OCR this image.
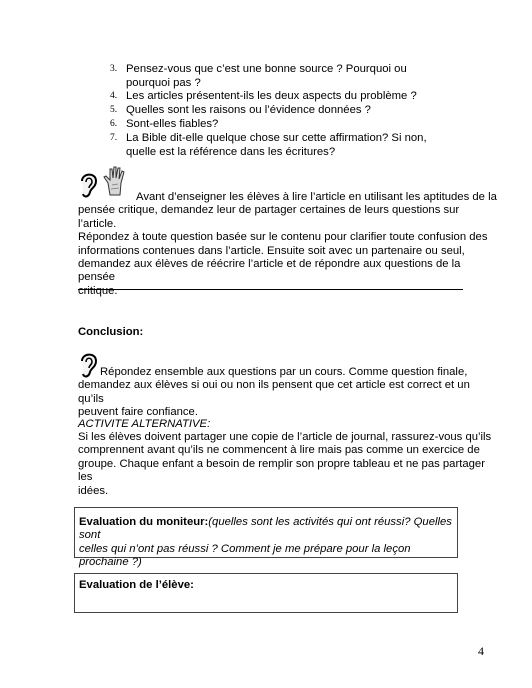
3. Pensez-vous que c’est une bonne source ? Pourquoi ou pourquoi pas ?
4. Les articles présentent-ils les deux aspects du problème ?
5. Quelles sont les raisons ou l’évidence données ?
6. Sont-elles fiables?
7. La Bible dit-elle quelque chose sur cette affirmation? Si non, quelle est la référence dans les écritures?
Avant d’enseigner les élèves à lire l’article en utilisant les aptitudes de la
pensée critique, demandez leur de partager certaines de leurs questions sur l’article.
Répondez à toute question basée sur le contenu pour clarifier toute confusion des
informations contenues dans l’article. Ensuite soit avec un partenaire ou seul,
demandez aux élèves de réécrire l’article et de répondre aux questions de la pensée
critique.
Conclusion:
Répondez ensemble aux questions par un cours. Comme question finale,
demandez aux élèves si oui ou non ils pensent que cet article est correct et un qu’ils
peuvent faire confiance.
ACTIVITE ALTERNATIVE:
Si les élèves doivent partager une copie de l’article de journal, rassurez-vous qu’ils
comprennent avant qu’ils ne commencent à lire mais pas comme un exercice de
groupe. Chaque enfant a besoin de remplir son propre tableau et ne pas partager les
idées.
Evaluation du moniteur:(quelles sont les activités qui ont réussi? Quelles sont
celles qui n’ont pas réussi ? Comment je me prépare pour la leçon prochaine ?)
Evaluation de l’élève:
4
